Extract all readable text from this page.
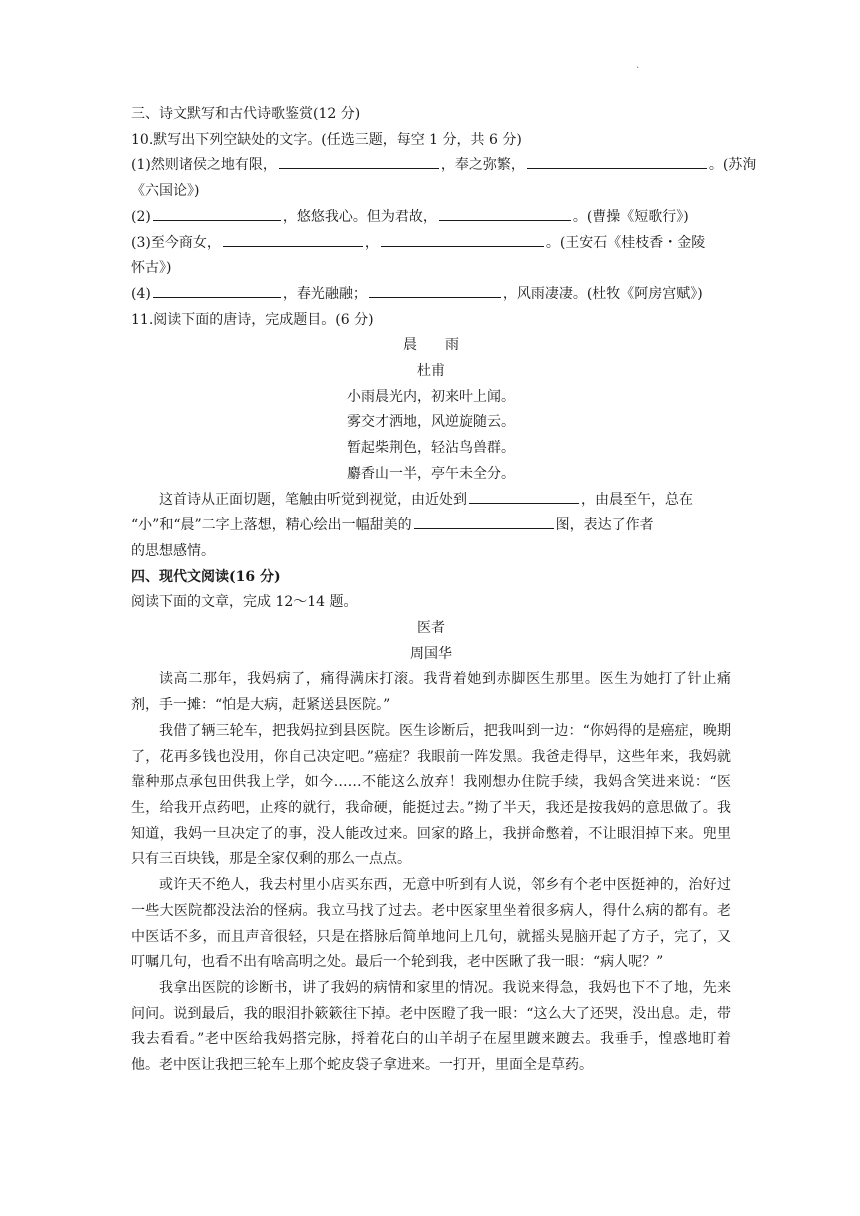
.
三、诗文默写和古代诗歌鉴赏(12 分)
10.默写出下列空缺处的文字。(任选三题，每空 1 分，共 6 分)
(1)然则诸侯之地有限，	，奉之弥繁，	。(苏洵
《六国论》)
(2)	，悠悠我心。但为君故，	。(曹操《短歌行》)
(3)至今商女，	，	。(王安石《桂枝香・金陵
怀古》)
(4)	，春光融融；	，风雨凄凄。(杜牧《阿房宫赋》)
11.阅读下面的唐诗，完成题目。(6 分)
晨　　雨
杜甫
小雨晨光内，初来叶上闻。
雾交才洒地，风逆旋随云。
暂起柴荆色，轻沾鸟兽群。
麝香山一半，亭午未全分。
这首诗从正面切题，笔触由听觉到视觉，由近处到	，由晨至午，总在
“小”和“晨”二字上落想，精心绘出一幅甜美的	图，表达了作者
的思想感情。
四、现代文阅读(16 分)
阅读下面的文章，完成 12～14 题。
医者
周国华
读高二那年，我妈病了，痛得满床打滚。我背着她到赤脚医生那里。医生为她打了针止痛剂，手一摊：“怕是大病，赶紧送县医院。”
我借了辆三轮车，把我妈拉到县医院。医生诊断后，把我叫到一边：“你妈得的是癌症，晚期了，花再多钱也没用，你自己决定吧。”癌症？我眼前一阵发黑。我爸走得早，这些年来，我妈就靠种那点承包田供我上学，如今……不能这么放弃！我刚想办住院手续，我妈含笑进来说：“医生，给我开点药吧，止疼的就行，我命硬，能挺过去。”拗了半天，我还是按我妈的意思做了。我知道，我妈一旦决定了的事，没人能改过来。回家的路上，我拼命憋着，不让眼泪掉下来。兜里只有三百块钱，那是全家仅剩的那么一点点。
或许天不绝人，我去村里小店买东西，无意中听到有人说，邻乡有个老中医挺神的，治好过一些大医院都没法治的怪病。我立马找了过去。老中医家里坐着很多病人，得什么病的都有。老中医话不多，而且声音很轻，只是在搭脉后简单地问上几句，就摇头晃脑开起了方子，完了，又叮嘱几句，也看不出有啥高明之处。最后一个轮到我，老中医瞅了我一眼：“病人呢？”
我拿出医院的诊断书，讲了我妈的病情和家里的情况。我说来得急，我妈也下不了地，先来问问。说到最后，我的眼泪扑簌簌往下掉。老中医瞪了我一眼：“这么大了还哭，没出息。走，带我去看看。”老中医给我妈搭完脉，捋着花白的山羊胡子在屋里踱来踱去。我垂手，惶惑地盯着他。老中医让我把三轮车上那个蛇皮袋子拿进来。一打开，里面全是草药。
